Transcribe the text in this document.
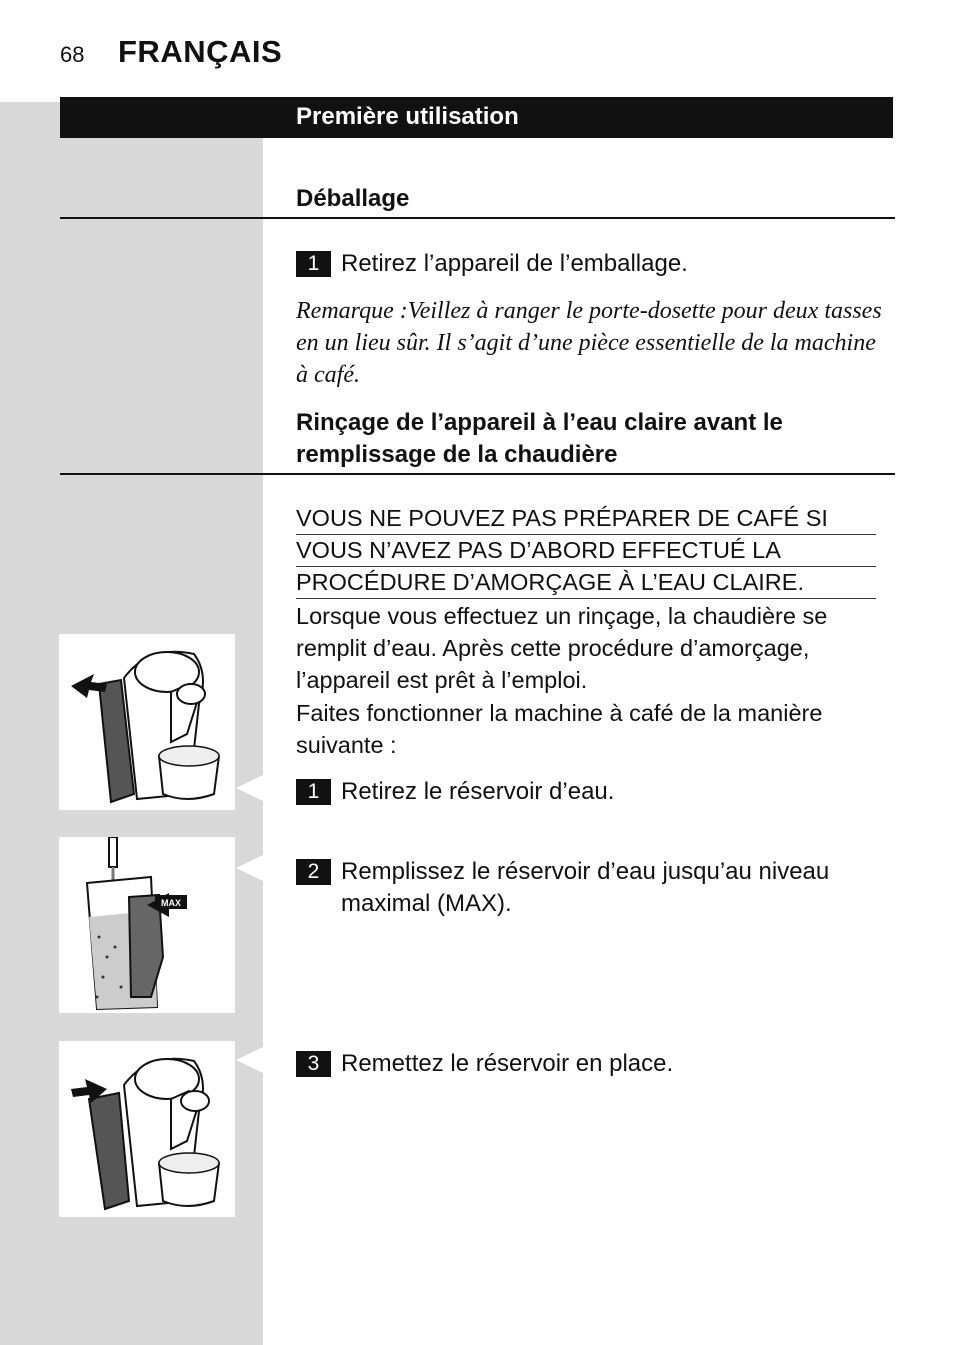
68 FRANÇAIS
Première utilisation
Déballage
1 Retirez l’appareil de l’emballage.
Remarque :Veillez à ranger le porte-dosette pour deux tasses en un lieu sûr. Il s’agit d’une pièce essentielle de la machine à café.
Rinçage de l’appareil à l’eau claire avant le remplissage de la chaudière
VOUS NE POUVEZ PAS PRÉPARER DE CAFÉ SI
VOUS N’AVEZ PAS D’ABORD EFFECTUÉ LA
PROCÉDURE D’AMORÇAGE À L’EAU CLAIRE.
Lorsque vous effectuez un rinçage, la chaudière se remplit d’eau. Après cette procédure d’amorçage, l’appareil est prêt à l’emploi.
Faites fonctionner la machine à café de la manière suivante :
1 Retirez le réservoir d’eau.
2 Remplissez le réservoir d’eau jusqu’au niveau maximal (MAX).
3 Remettez le réservoir en place.
MAX
